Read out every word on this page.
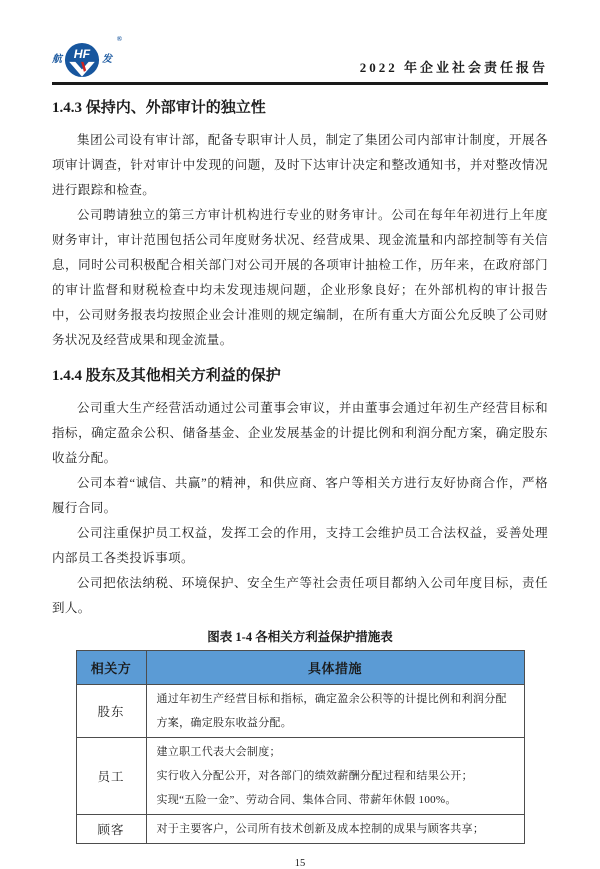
航 HF 发
®
2022 年企业社会责任报告
1.4.3 保持内、外部审计的独立性

集团公司设有审计部，配备专职审计人员，制定了集团公司内部审计制度，开展各项审计调查，针对审计中发现的问题，及时下达审计决定和整改通知书，并对整改情况进行跟踪和检查。

公司聘请独立的第三方审计机构进行专业的财务审计。公司在每年年初进行上年度财务审计，审计范围包括公司年度财务状况、经营成果、现金流量和内部控制等有关信息，同时公司积极配合相关部门对公司开展的各项审计抽检工作，历年来，在政府部门的审计监督和财税检查中均未发现违规问题，企业形象良好；在外部机构的审计报告中，公司财务报表均按照企业会计准则的规定编制，在所有重大方面公允反映了公司财务状况及经营成果和现金流量。

1.4.4 股东及其他相关方利益的保护

公司重大生产经营活动通过公司董事会审议，并由董事会通过年初生产经营目标和指标，确定盈余公积、储备基金、企业发展基金的计提比例和利润分配方案，确定股东收益分配。

公司本着“诚信、共赢”的精神，和供应商、客户等相关方进行友好协商合作，严格履行合同。

公司注重保护员工权益，发挥工会的作用，支持工会维护员工合法权益，妥善处理内部员工各类投诉事项。

公司把依法纳税、环境保护、安全生产等社会责任项目都纳入公司年度目标，责任到人。

图表 1-4 各相关方利益保护措施表
相关方	具体措施
股东	通过年初生产经营目标和指标，确定盈余公积等的计提比例和利润分配方案，确定股东收益分配。

员工	建立职工代表大会制度；

实行收入分配公开，对各部门的绩效薪酬分配过程和结果公开；

实现“五险一金”、劳动合同、集体合同、带薪年休假 100%。

顾客	对于主要客户，公司所有技术创新及成本控制的成果与顾客共享；

15
